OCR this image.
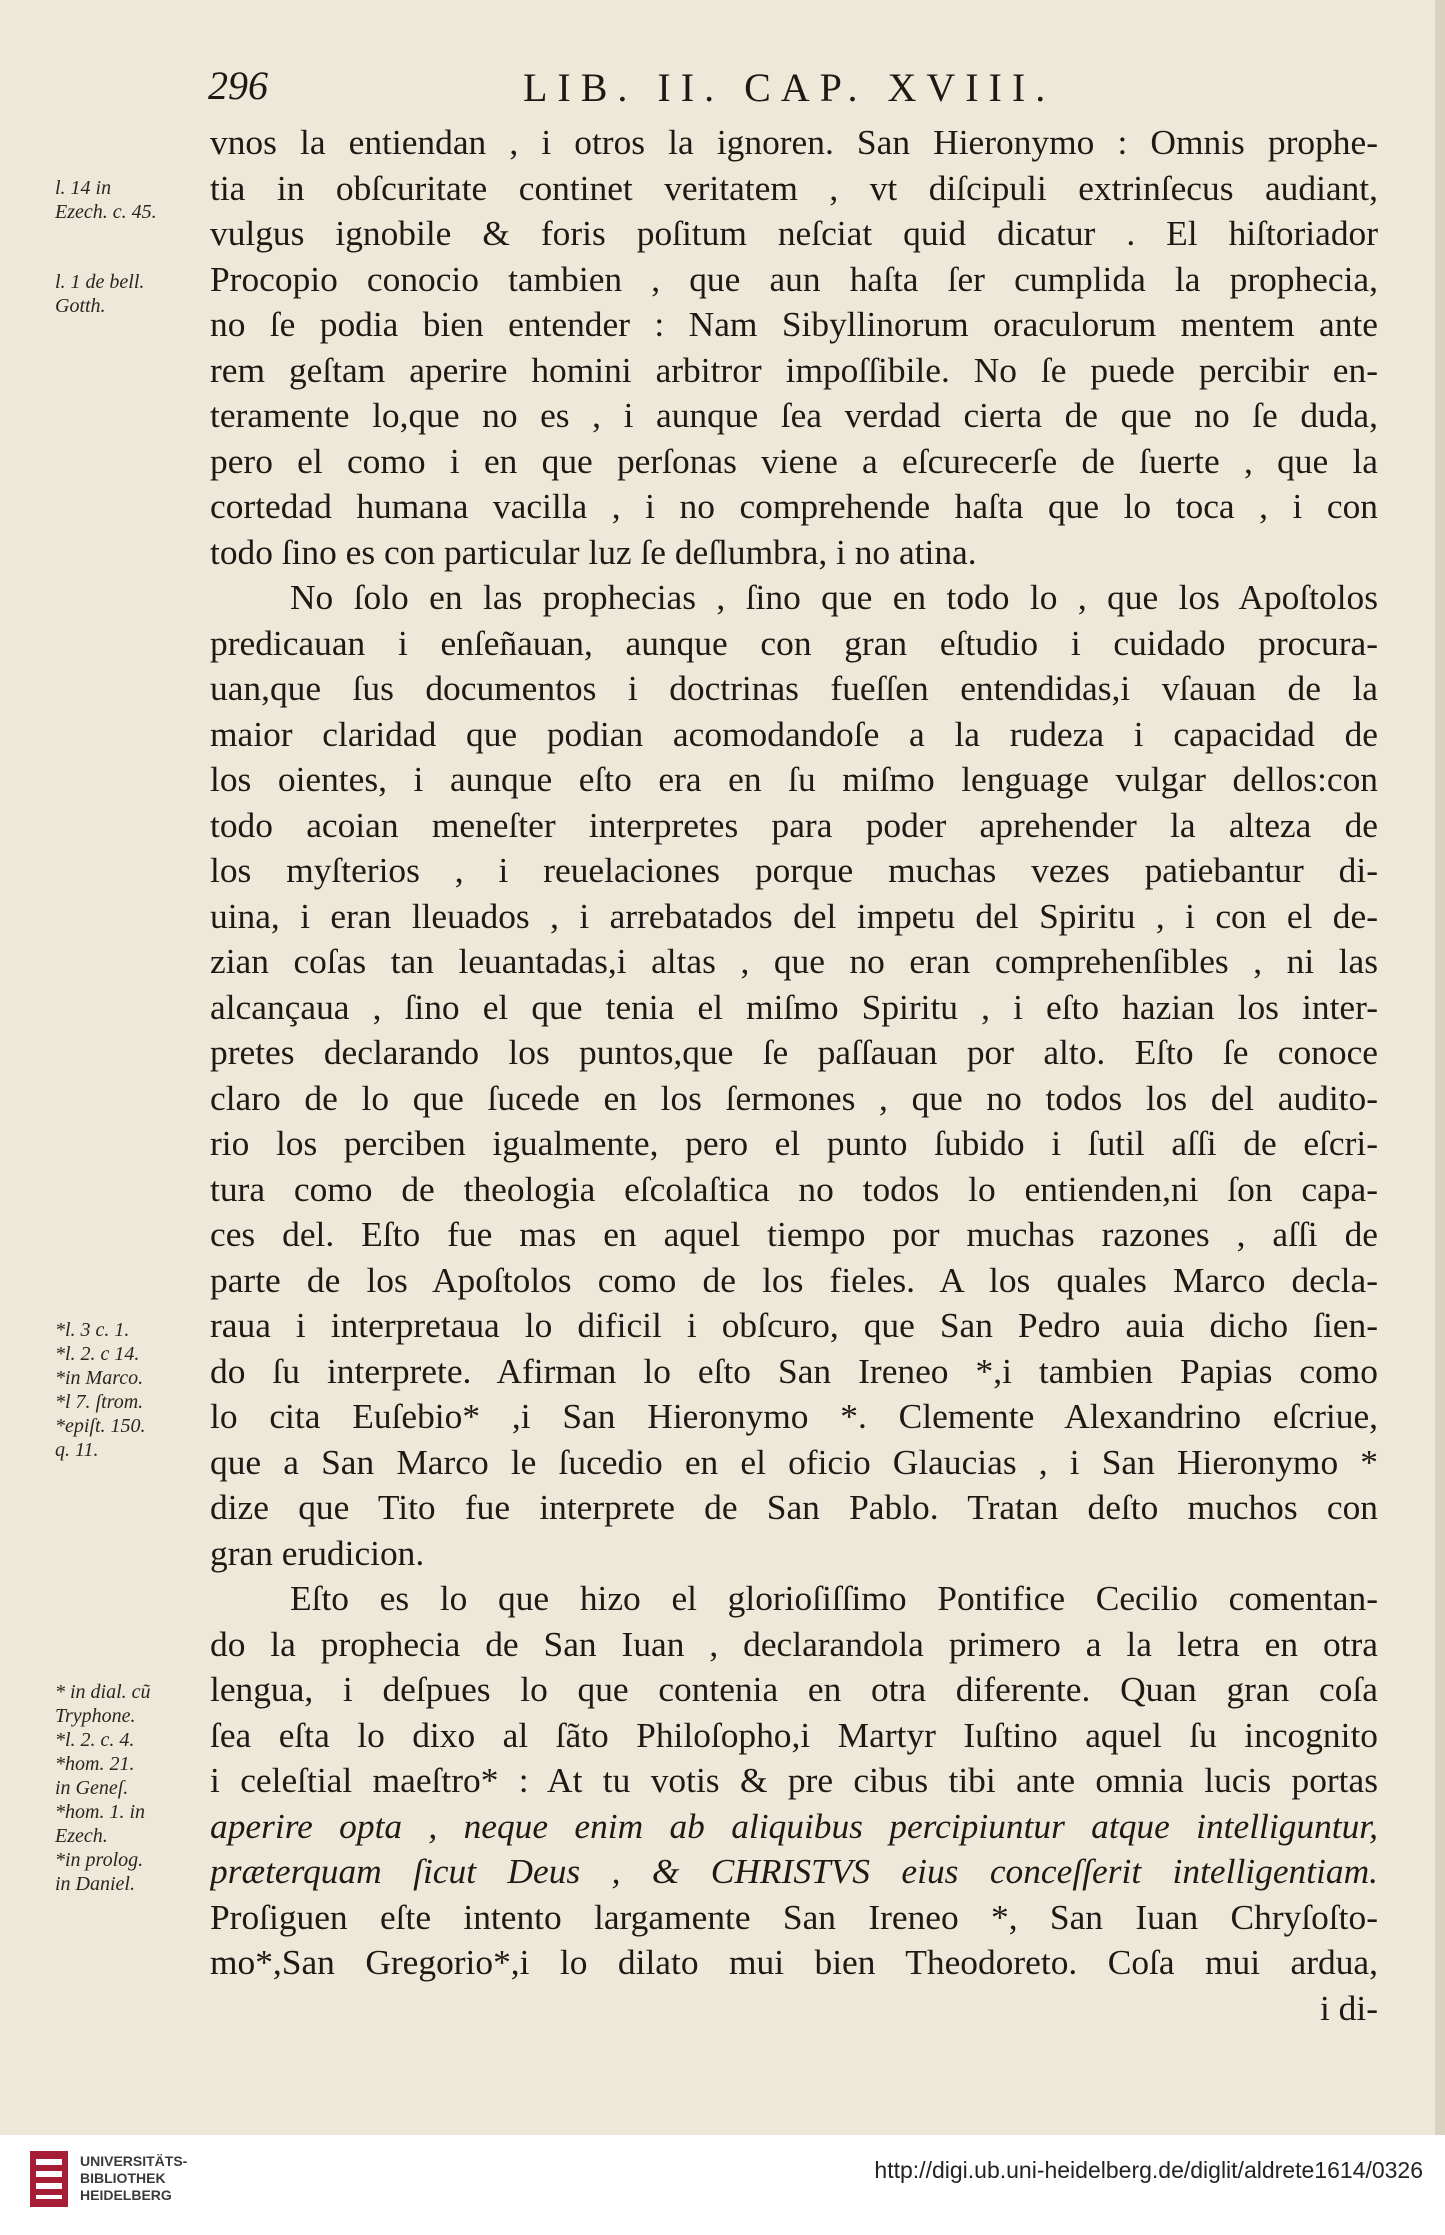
296	LIB. II. CAP. XVIII.
vnos la entiendan , i otros la ignoren. San Hieronymo : Omnis prophe-
tia in obſcuritate continet veritatem , vt diſcipuli extrinſecus audiant,
vulgus ignobile & foris poſitum neſciat quid dicatur . El hiſtoriador
Procopio conocio tambien , que aun haſta ſer cumplida la prophecia,
no ſe podia bien entender : Nam Sibyllinorum oraculorum mentem ante
rem geſtam aperire homini arbitror impoſſibile. No ſe puede percibir en-
teramente lo,que no es , i aunque ſea verdad cierta de que no ſe duda,
pero el como i en que perſonas viene a eſcurecerſe de ſuerte , que la
cortedad humana vacilla , i no comprehende haſta que lo toca , i con
todo ſino es con particular luz ſe deſlumbra, i no atina.
No ſolo en las prophecias , ſino que en todo lo , que los Apoſtolos
predicauan i enſeñauan, aunque con gran eſtudio i cuidado procura-
uan,que ſus documentos i doctrinas fueſſen entendidas,i vſauan de la
maior claridad que podian acomodandoſe a la rudeza i capacidad de
los oientes, i aunque eſto era en ſu miſmo lenguage vulgar dellos:con
todo acoian meneſter interpretes para poder aprehender la alteza de
los myſterios , i reuelaciones porque muchas vezes patiebantur di-
uina, i eran lleuados , i arrebatados del impetu del Spiritu , i con el de-
zian coſas tan leuantadas,i altas , que no eran comprehenſibles , ni las
alcançaua , ſino el que tenia el miſmo Spiritu , i eſto hazian los inter-
pretes declarando los puntos,que ſe paſſauan por alto. Eſto ſe conoce
claro de lo que ſucede en los ſermones , que no todos los del audito-
rio los perciben igualmente, pero el punto ſubido i ſutil aſſi de eſcri-
tura como de theologia eſcolaſtica no todos lo entienden,ni ſon capa-
ces del. Eſto fue mas en aquel tiempo por muchas razones , aſſi de
parte de los Apoſtolos como de los fieles. A los quales Marco decla-
raua i interpretaua lo dificil i obſcuro, que San Pedro auia dicho ſien-
do ſu interprete. Afirman lo eſto San Ireneo *,i tambien Papias como
lo cita Euſebio* ,i San Hieronymo *. Clemente Alexandrino eſcriue,
que a San Marco le ſucedio en el oficio Glaucias , i San Hieronymo *
dize que Tito fue interprete de San Pablo. Tratan deſto muchos con
gran erudicion.
Eſto es lo que hizo el glorioſiſſimo Pontifice Cecilio comentan-
do la prophecia de San Iuan , declarandola primero a la letra en otra
lengua, i deſpues lo que contenia en otra diferente. Quan gran coſa
ſea eſta lo dixo al ſãto Philoſopho,i Martyr Iuſtino aquel ſu incognito
i celeſtial maeſtro* : At tu votis & pre cibus tibi ante omnia lucis portas
aperire opta , neque enim ab aliquibus percipiuntur atque intelliguntur,
præterquam ſicut Deus , & CHRISTVS eius conceſſerit intelligentiam.
Proſiguen eſte intento largamente San Ireneo *, San Iuan Chryſoſto-
mo*,San Gregorio*,i lo dilato mui bien Theodoreto. Coſa mui ardua,
i di-
l. 14 in
Ezech. c. 45.
l. 1 de bell.
Gotth.
*l. 3 c. 1.
*l. 2. c 14.
*in Marco.
*l 7. ſtrom.
*epiſt. 150.
q. 11.
* in dial. cũ
Tryphone.
*l. 2. c. 4.
*hom. 21.
in Geneſ.
*hom. 1. in
Ezech.
*in prolog.
in Daniel.
UNIVERSITÄTS-
BIBLIOTHEK
HEIDELBERG
http://digi.ub.uni-heidelberg.de/diglit/aldrete1614/0326
